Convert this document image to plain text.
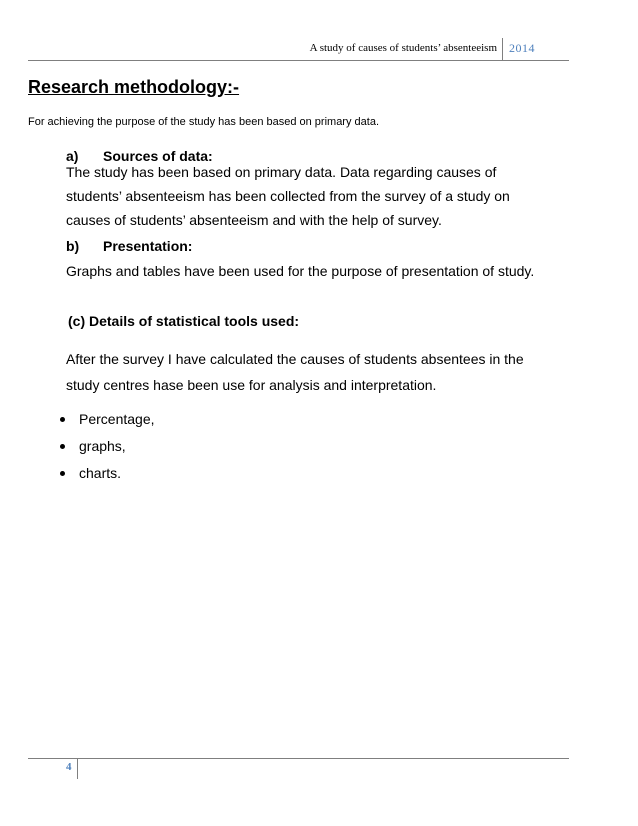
A study of causes of students’ absenteeism 2014
Research methodology:-
For achieving the purpose of the study has been based on primary data.
a) Sources of data:
The study has been based on primary data. Data regarding causes of
students’ absenteeism has been collected from the survey of a study on
causes of students’ absenteeism and with the help of survey.
b) Presentation:
Graphs and tables have been used for the purpose of presentation of study.
(c) Details of statistical tools used:
After the survey I have calculated the causes of students absentees in the
study centres hase been use for analysis and interpretation.
Percentage,
graphs,
charts.
4
